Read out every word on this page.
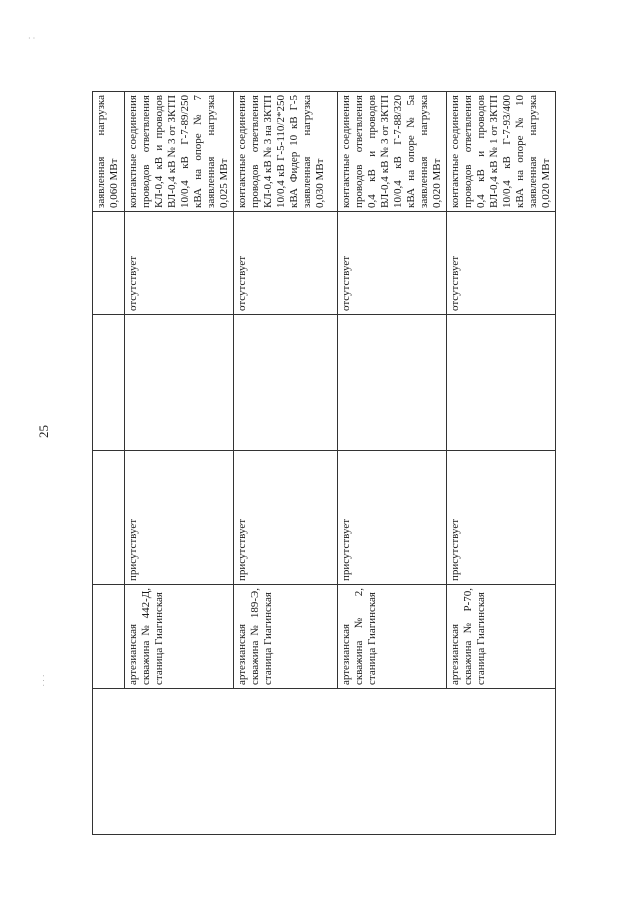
· ·
· · ·
25
					заявленная нагрузка 0,060 МВт
	артезианская скважина № 442-Д, станица Гиагинская	присутствует		отсутствует	контактные соединения проводов ответвления КЛ-0,4 кВ и проводов ВЛ-0,4 кВ № 3 от ЗКТП 10/0,4 кВ Г-7-89/250 кВА на опоре № 7 заявленная нагрузка 0,025 МВт
	артезианская скважина № 189-Э, станица Гиагинская	присутствует		отсутствует	контактные соединения проводов ответвления КЛ-0,4 кВ № 3 на ЗКТП 10/0,4 кВ Г-5-110/2*250 кВА Фидер 10 кВ Г-5 заявленная нагрузка 0,030 МВт
	артезианская скважина № 2, станица Гиагинская	присутствует		отсутствует	контактные соединения проводов ответвления 0,4 кВ и проводов ВЛ-0,4 кВ № 3 от ЗКТП 10/0,4 кВ Г-7-88/320 кВА на опоре № 5а заявленная нагрузка 0,020 МВт
	артезианская скважина № Р-70, станица Гиагинская	присутствует		отсутствует	контактные соединения проводов ответвления 0,4 кВ и проводов ВЛ-0,4 кВ № 1 от ЗКТП 10/0,4 кВ Г-7-93/400 кВА на опоре № 10 заявленная нагрузка 0,020 МВт
